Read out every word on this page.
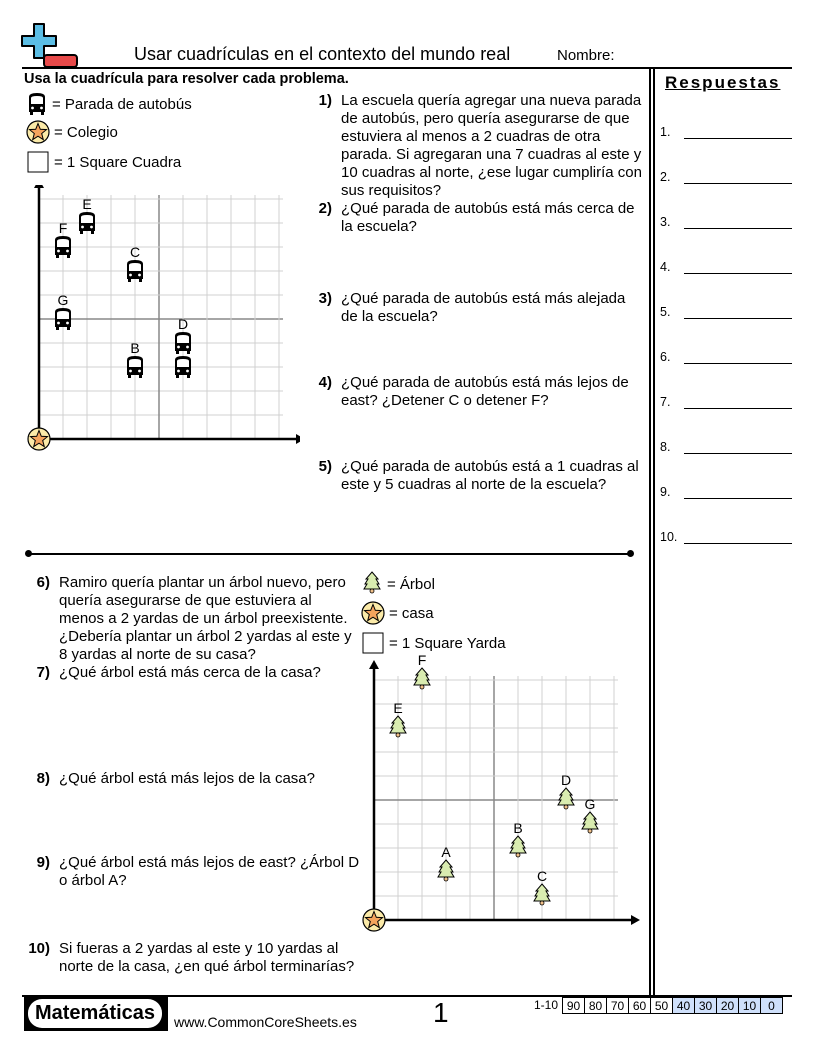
Usar cuadrículas en el contexto del mundo real	Nombre:
Usa la cuadrícula para resolver cada problema.
= Parada de autobús
= Colegio
= 1 Square Cuadra
E
F
C
G
D
B
1) La escuela quería agregar una nueva parada de autobús, pero quería asegurarse de que estuviera al menos a 2 cuadras de otra parada. Si agregaran una 7 cuadras al este y 10 cuadras al norte, ¿ese lugar cumpliría con sus requisitos?
2) ¿Qué parada de autobús está más cerca de la escuela?
3) ¿Qué parada de autobús está más alejada de la escuela?
4) ¿Qué parada de autobús está más lejos de east? ¿Detener C o detener F?
5) ¿Qué parada de autobús está a 1 cuadras al este y 5 cuadras al norte de la escuela?
6) Ramiro quería plantar un árbol nuevo, pero quería asegurarse de que estuviera al menos a 2 yardas de un árbol preexistente. ¿Debería plantar un árbol 2 yardas al este y 8 yardas al norte de su casa?
7) ¿Qué árbol está más cerca de la casa?
8) ¿Qué árbol está más lejos de la casa?
9) ¿Qué árbol está más lejos de east? ¿Árbol D o árbol A?
10) Si fueras a 2 yardas al este y 10 yardas al norte de la casa, ¿en qué árbol terminarías?
= Árbol
= casa
= 1 Square Yarda
F
E
D
G
B
A
C
Respuestas
1.
2.
3.
4.
5.
6.
7.
8.
9.
10.
Matemáticas	www.CommonCoreSheets.es	1	1-10 90 80 70 60 50 40 30 20 10 0
